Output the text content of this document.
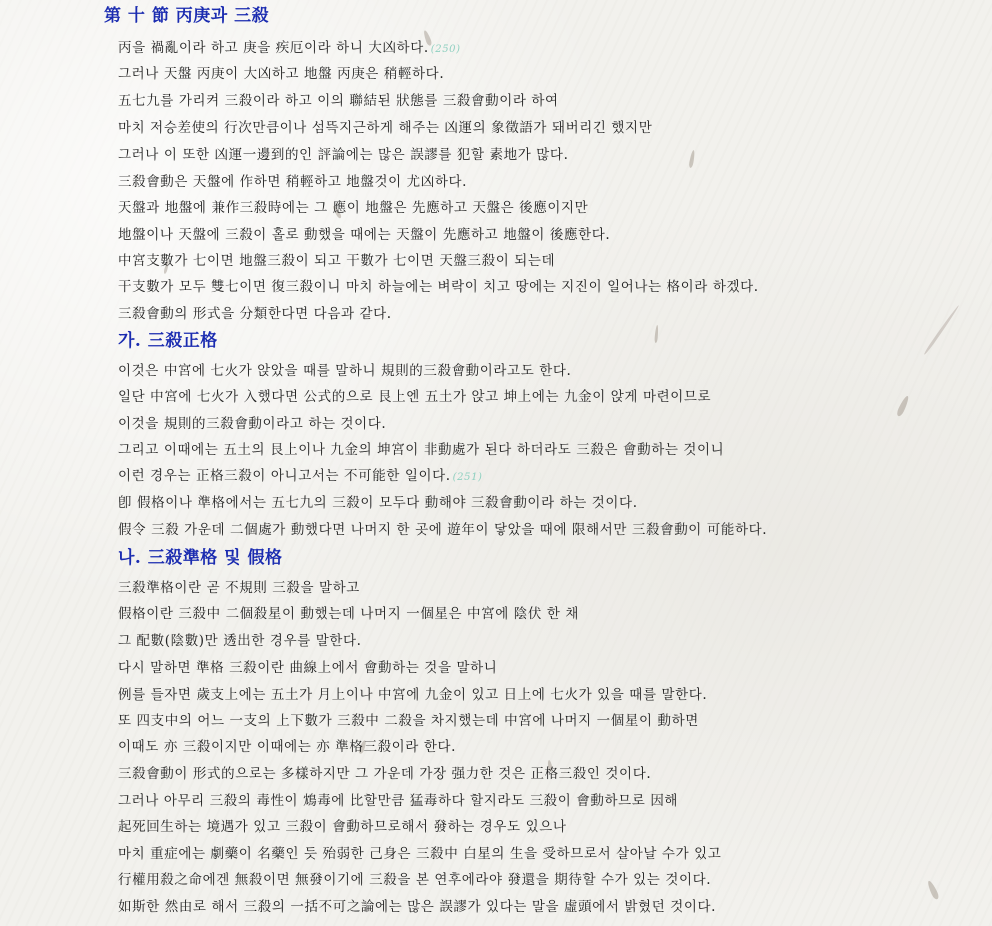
第 十 節 丙庚과 三殺
丙을 禍亂이라 하고 庚을 疾厄이라 하니 大凶하다. (250)
그러나 天盤 丙庚이 大凶하고 地盤 丙庚은 稍輕하다.
五七九를 가리켜 三殺이라 하고 이의 聯結된 狀態를 三殺會動이라 하여
마치 저승差使의 行次만큼이나 섬뜩지근하게 해주는 凶運의 象徵語가 돼버리긴 했지만
그러나 이 또한 凶運一邊到的인 評論에는 많은 誤謬를 犯할 素地가 많다.
三殺會動은 天盤에 作하면 稍輕하고 地盤것이 尤凶하다.
天盤과 地盤에 兼作三殺時에는 그 應이 地盤은 先應하고 天盤은 後應이지만
地盤이나 天盤에 三殺이 홀로 動했을 때에는 天盤이 先應하고 地盤이 後應한다.
中宮支數가 七이면 地盤三殺이 되고 干數가 七이면 天盤三殺이 되는데
干支數가 모두 雙七이면 復三殺이니 마치 하늘에는 벼락이 치고 땅에는 지진이 일어나는 格이라 하겠다.
三殺會動의 形式을 分類한다면 다음과 같다.
가. 三殺正格
이것은 中宮에 七火가 앉았을 때를 말하니 規則的三殺會動이라고도 한다.
일단 中宮에 七火가 入했다면 公式的으로 艮上엔 五土가 앉고 坤上에는 九金이 앉게 마련이므로
이것을 規則的三殺會動이라고 하는 것이다.
그리고 이때에는 五土의 艮上이나 九金의 坤宮이 非動處가 된다 하더라도 三殺은 會動하는 것이니
이런 경우는 正格三殺이 아니고서는 不可能한 일이다. (251)
卽 假格이나 準格에서는 五七九의 三殺이 모두다 動해야 三殺會動이라 하는 것이다.
假令 三殺 가운데 二個處가 動했다면 나머지 한 곳에 遊年이 닿았을 때에 限해서만 三殺會動이 可能하다.
나. 三殺準格 및 假格
三殺準格이란 곧 不規則 三殺을 말하고
假格이란 三殺中 二個殺星이 動했는데 나머지 一個星은 中宮에 陰伏 한 채
그 配數(陰數)만 透出한 경우를 말한다.
다시 말하면 準格 三殺이란 曲線上에서 會動하는 것을 말하니
例를 들자면 歲支上에는 五土가 月上이나 中宮에 九金이 있고 日上에 七火가 있을 때를 말한다.
또 四支中의 어느 一支의 上下數가 三殺中 二殺을 차지했는데 中宮에 나머지 一個星이 動하면
이때도 亦 三殺이지만 이때에는 亦 準格三殺이라 한다.
三殺會動이 形式的으로는 多樣하지만 그 가운데 가장 强力한 것은 正格三殺인 것이다.
그러나 아무리 三殺의 毒性이 鴆毒에 比할만큼 猛毒하다 할지라도 三殺이 會動하므로 因해
起死回生하는 境遇가 있고 三殺이 會動하므로해서 發하는 경우도 있으나
마치 重症에는 劇藥이 名藥인 듯 殆弱한 己身은 三殺中 白星의 生을 受하므로서 살아날 수가 있고
行權用殺之命에겐 無殺이면 無發이기에 三殺을 본 연후에라야 發還을 期待할 수가 있는 것이다.
如斯한 然由로 해서 三殺의 一括不可之論에는 많은 誤謬가 있다는 말을 虛頭에서 밝혔던 것이다.
